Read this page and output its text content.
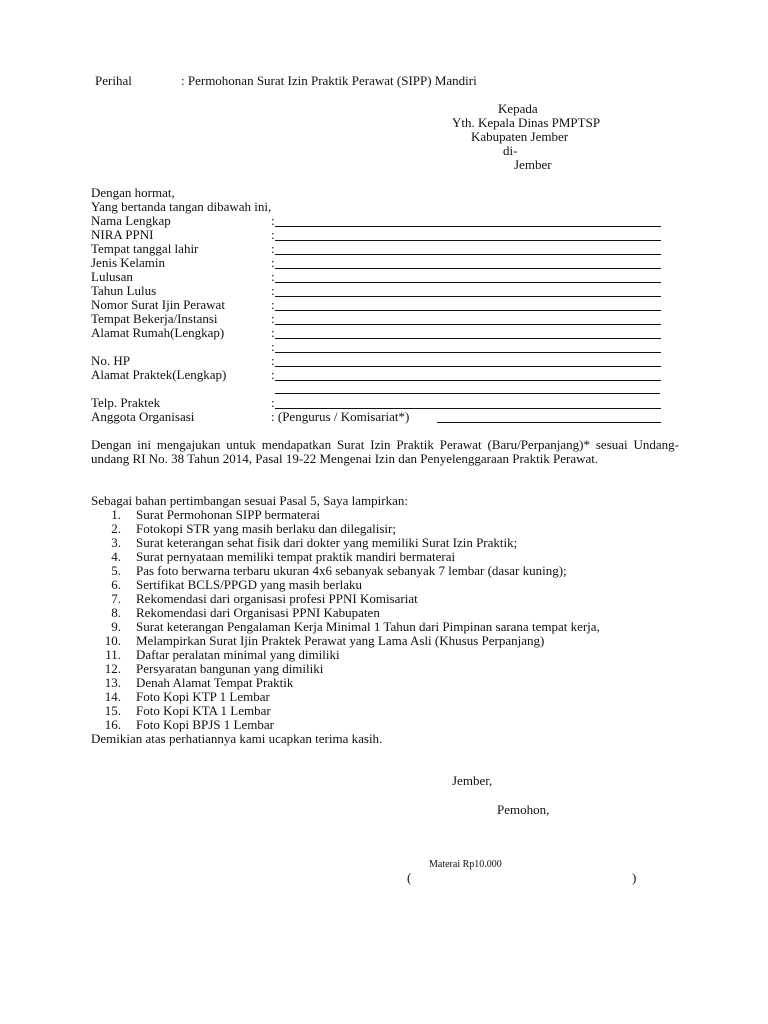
Perihal	: Permohonan Surat Izin Praktik Perawat (SIPP) Mandiri
Kepada
Yth. Kepala Dinas PMPTSP
Kabupaten Jember
di-
Jember
Dengan hormat,
Yang bertanda tangan dibawah ini,
Nama Lengkap	:
NIRA PPNI	:
Tempat tanggal lahir	:
Jenis Kelamin	:
Lulusan	:
Tahun Lulus	:
Nomor Surat Ijin Perawat	:
Tempat Bekerja/Instansi	:
Alamat Rumah(Lengkap)	:
:
No. HP	:
Alamat Praktek(Lengkap)	:
Telp. Praktek	:
Anggota Organisasi	: (Pengurus / Komisariat*)
Dengan ini mengajukan untuk mendapatkan Surat Izin Praktik Perawat (Baru/Perpanjang)* sesuai Undang-undang RI No. 38 Tahun 2014, Pasal 19-22 Mengenai Izin dan Penyelenggaraan Praktik Perawat.
Sebagai bahan pertimbangan sesuai Pasal 5, Saya lampirkan:
1. Surat Permohonan SIPP bermaterai
2. Fotokopi STR yang masih berlaku dan dilegalisir;
3. Surat keterangan sehat fisik dari dokter yang memiliki Surat Izin Praktik;
4. Surat pernyataan memiliki tempat praktik mandiri bermaterai
5. Pas foto berwarna terbaru ukuran 4x6 sebanyak sebanyak 7 lembar (dasar kuning);
6. Sertifikat BCLS/PPGD yang masih berlaku
7. Rekomendasi dari organisasi profesi PPNI Komisariat
8. Rekomendasi dari Organisasi PPNI Kabupaten
9. Surat keterangan Pengalaman Kerja Minimal 1 Tahun dari Pimpinan sarana tempat kerja,
10. Melampirkan Surat Ijin Praktek Perawat yang Lama Asli (Khusus Perpanjang)
11. Daftar peralatan minimal yang dimiliki
12. Persyaratan bangunan yang dimiliki
13. Denah Alamat Tempat Praktik
14. Foto Kopi KTP 1 Lembar
15. Foto Kopi KTA 1 Lembar
16. Foto Kopi BPJS 1 Lembar
Demikian atas perhatiannya kami ucapkan terima kasih.
Jember,
Pemohon,
Materai Rp10.000
(	)
